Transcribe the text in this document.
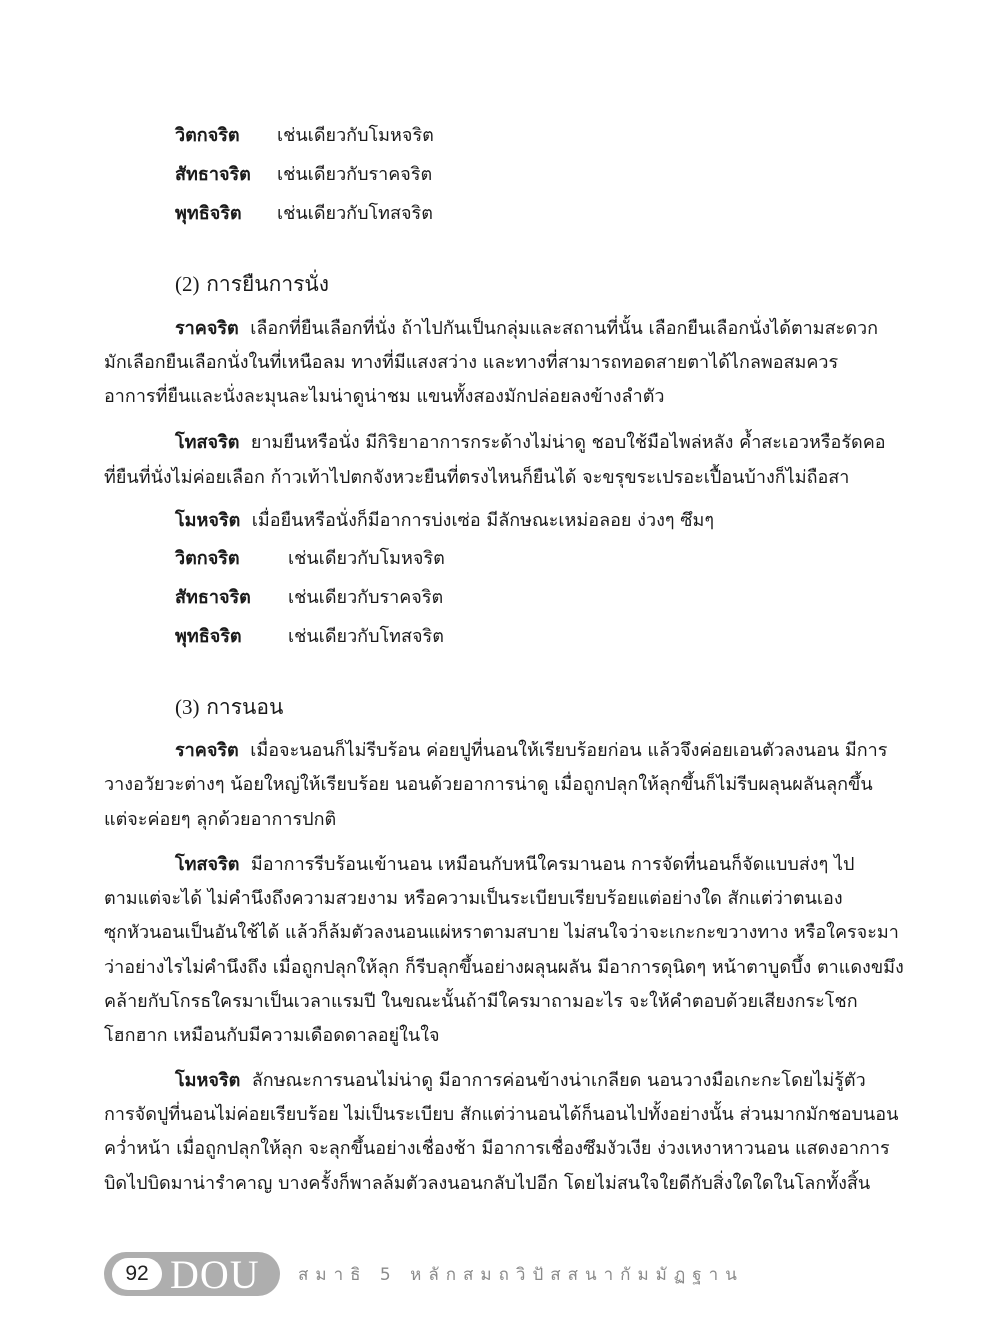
วิตกจริต เช่นเดียวกับโมหจริต
สัทธาจริต เช่นเดียวกับราคจริต
พุทธิจริต เช่นเดียวกับโทสจริต
(2) การยืนการนั่ง
ราคจริต เลือกที่ยืนเลือกที่นั่ง ถ้าไปกันเป็นกลุ่มและสถานที่นั้น เลือกยืนเลือกนั่งได้ตามสะดวก
มักเลือกยืนเลือกนั่งในที่เหนือลม ทางที่มีแสงสว่าง และทางที่สามารถทอดสายตาได้ไกลพอสมควร
อาการที่ยืนและนั่งละมุนละไมน่าดูน่าชม แขนทั้งสองมักปล่อยลงข้างลำตัว
โทสจริต ยามยืนหรือนั่ง มีกิริยาอาการกระด้างไม่น่าดู ชอบใช้มือไพล่หลัง ค้ำสะเอวหรือรัดคอ
ที่ยืนที่นั่งไม่ค่อยเลือก ก้าวเท้าไปตกจังหวะยืนที่ตรงไหนก็ยืนได้ จะขรุขระเปรอะเปื้อนบ้างก็ไม่ถือสา
โมหจริต เมื่อยืนหรือนั่งก็มีอาการบ่งเซ่อ มีลักษณะเหม่อลอย ง่วงๆ ซึมๆ
วิตกจริต	เช่นเดียวกับโมหจริต
สัทธาจริต เช่นเดียวกับราคจริต
พุทธิจริต	เช่นเดียวกับโทสจริต
(3) การนอน
ราคจริต เมื่อจะนอนก็ไม่รีบร้อน ค่อยปูที่นอนให้เรียบร้อยก่อน แล้วจึงค่อยเอนตัวลงนอน มีการ
วางอวัยวะต่างๆ น้อยใหญ่ให้เรียบร้อย นอนด้วยอาการน่าดู เมื่อถูกปลุกให้ลุกขึ้นก็ไม่รีบผลุนผลันลุกขึ้น
แต่จะค่อยๆ ลุกด้วยอาการปกติ
โทสจริต มีอาการรีบร้อนเข้านอน เหมือนกับหนีใครมานอน การจัดที่นอนก็จัดแบบส่งๆ ไป
ตามแต่จะได้ ไม่คำนึงถึงความสวยงาม หรือความเป็นระเบียบเรียบร้อยแต่อย่างใด สักแต่ว่าตนเอง
ซุกหัวนอนเป็นอันใช้ได้ แล้วก็ล้มตัวลงนอนแผ่หราตามสบาย ไม่สนใจว่าจะเกะกะขวางทาง หรือใครจะมา
ว่าอย่างไรไม่คำนึงถึง เมื่อถูกปลุกให้ลุก ก็รีบลุกขึ้นอย่างผลุนผลัน มีอาการดุนิดๆ หน้าตาบูดบึ้ง ตาแดงขมึง
คล้ายกับโกรธใครมาเป็นเวลาแรมปี ในขณะนั้นถ้ามีใครมาถามอะไร จะให้คำตอบด้วยเสียงกระโชก
โฮกฮาก เหมือนกับมีความเดือดดาลอยู่ในใจ
โมหจริต ลักษณะการนอนไม่น่าดู มีอาการค่อนข้างน่าเกลียด นอนวางมือเกะกะโดยไม่รู้ตัว
การจัดปูที่นอนไม่ค่อยเรียบร้อย ไม่เป็นระเบียบ สักแต่ว่านอนได้ก็นอนไปทั้งอย่างนั้น ส่วนมากมักชอบนอน
คว่ำหน้า เมื่อถูกปลุกให้ลุก จะลุกขึ้นอย่างเชื่องช้า มีอาการเชื่องซึมงัวเงีย ง่วงเหงาหาวนอน แสดงอาการ
บิดไปบิดมาน่ารำคาญ บางครั้งก็พาลล้มตัวลงนอนกลับไปอีก โดยไม่สนใจใยดีกับสิ่งใดใดในโลกทั้งสิ้น
92 DOU สมาธิ 5 หลักสมถวิปัสสนากัมมัฏฐาน
